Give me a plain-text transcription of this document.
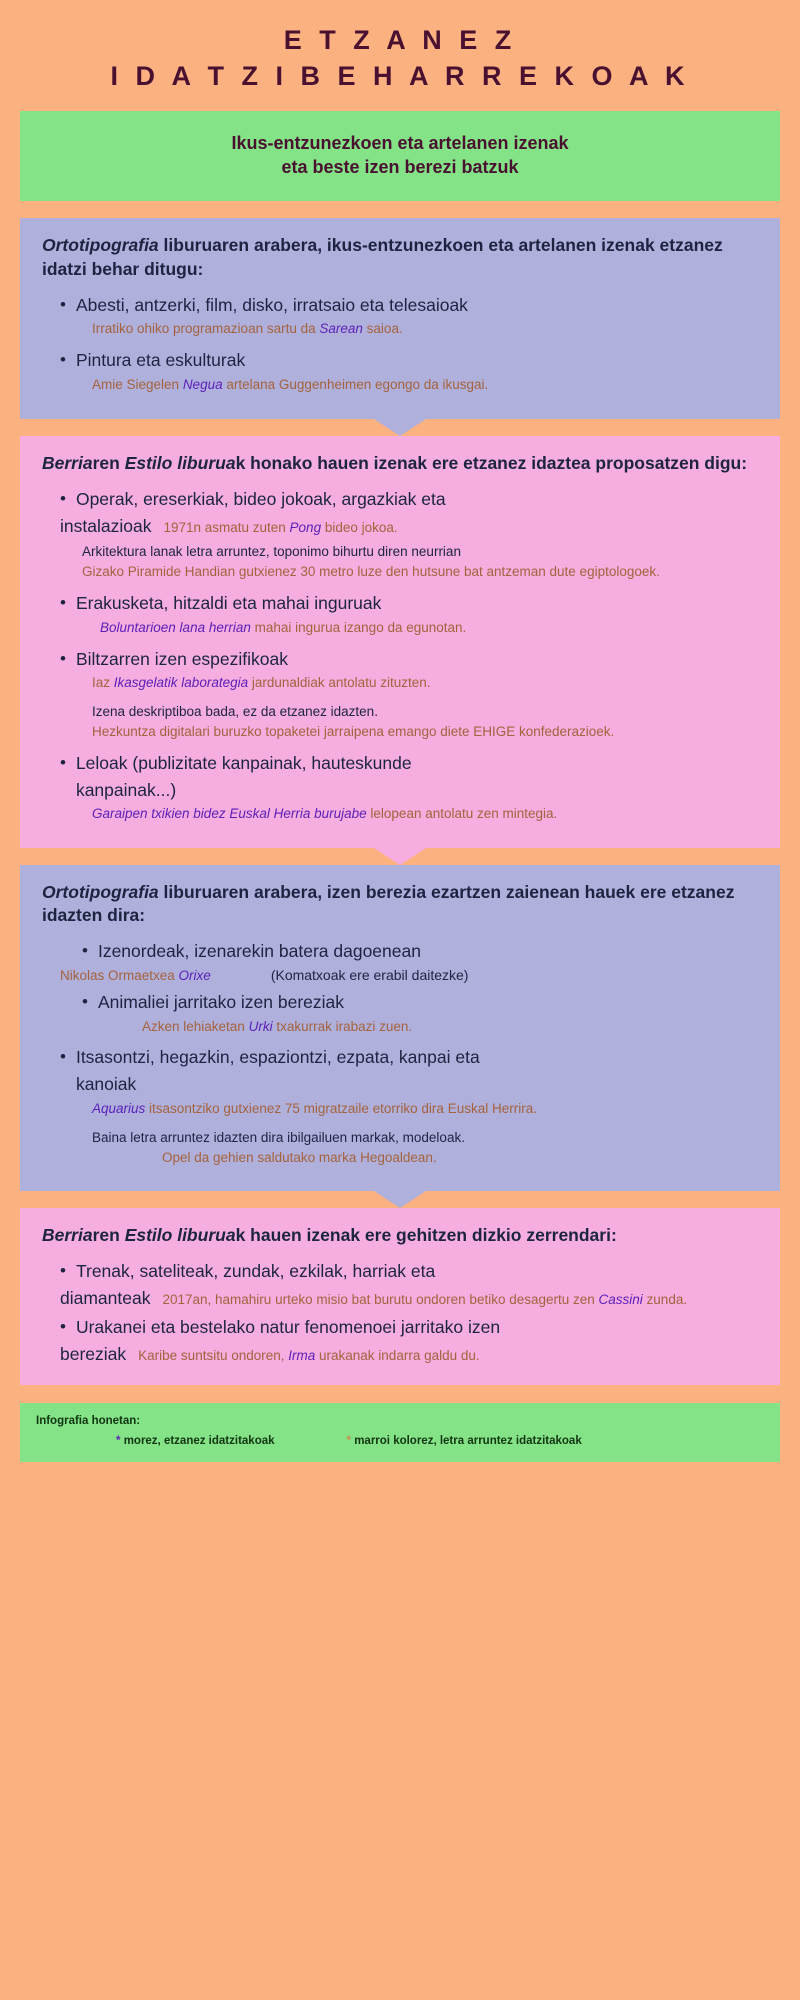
E T Z A N E Z
I D A T Z I B E H A R R E K O A K
Ikus-entzunezkoen eta artelanen izenak
eta beste izen berezi batzuk
Ortotipografia liburuaren arabera, ikus-entzunezkoen eta artelanen izenak etzanez idatzi behar ditugu:
• Abesti, antzerki, film, disko, irratsaio eta telesaioak
Irratiko ohiko programazioan sartu da Sarean saioa.
• Pintura eta eskulturak
Amie Siegelen Negua artelana Guggenheimen egongo da ikusgai.
Berriaren Estilo liburuak honako hauen izenak ere etzanez idaztea proposatzen digu:
• Operak, ereserkiak, bideo jokoak, argazkiak eta
instalazioak 1971n asmatu zuten Pong bideo jokoa.
Arkitektura lanak letra arruntez, toponimo bihurtu diren neurrian
Gizako Piramide Handian gutxienez 30 metro luze den hutsune bat antzeman dute egiptologoek.
• Erakusketa, hitzaldi eta mahai inguruak
Boluntarioen lana herrian mahai ingurua izango da egunotan.
• Biltzarren izen espezifikoak
Iaz Ikasgelatik laborategia jardunaldiak antolatu zituzten.
Izena deskriptiboa bada, ez da etzanez idazten.
Hezkuntza digitalari buruzko topaketei jarraipena emango diete EHIGE konfederazioek.
• Leloak (publizitate kanpainak, hauteskunde
kanpainak...)
Garaipen txikien bidez Euskal Herria burujabe lelopean antolatu zen mintegia.
Ortotipografia liburuaren arabera, izen berezia ezartzen zaienean hauek ere etzanez idazten dira:
• Izenordeak, izenarekin batera dagoenean
Nikolas Ormaetxea Orixe	(Komatxoak ere erabil daitezke)
• Animaliei jarritako izen bereziak
Azken lehiaketan Urki txakurrak irabazi zuen.
• Itsasontzi, hegazkin, espaziontzi, ezpata, kanpai eta
kanoiak
Aquarius itsasontziko gutxienez 75 migratzaile etorriko dira Euskal Herrira.
Baina letra arruntez idazten dira ibilgailuen markak, modeloak.
Opel da gehien saldutako marka Hegoaldean.
Berriaren Estilo liburuak hauen izenak ere gehitzen dizkio zerrendari:
• Trenak, sateliteak, zundak, ezkilak, harriak eta
diamanteak 2017an, hamahiru urteko misio bat burutu ondoren betiko desagertu zen Cassini zunda.
• Urakanei eta bestelako natur fenomenoei jarritako izen
bereziak Karibe suntsitu ondoren, Irma urakanak indarra galdu du.
Infografia honetan:
* morez, etzanez idatzitakoak	* marroi kolorez, letra arruntez idatzitakoak
